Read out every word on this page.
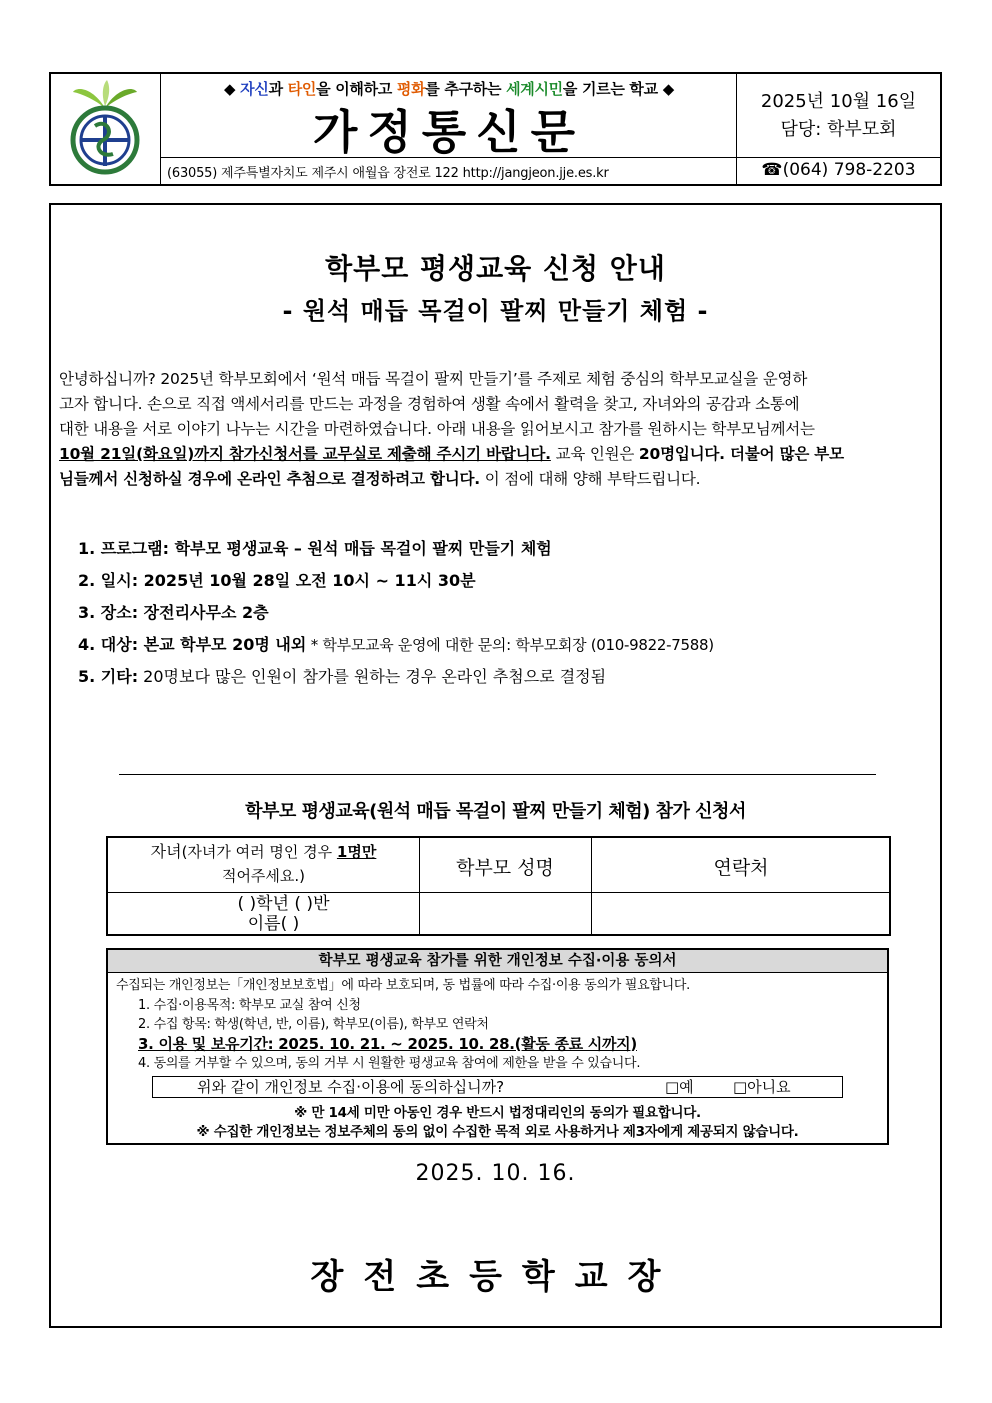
◆ 자신과 타인을 이해하고 평화를 추구하는 세계시민을 기르는 학교 ◆
가정통신문
2025년 10월 16일
담당: 학부모회
(63055) 제주특별자치도 제주시 애월읍 장전로 122 http://jangjeon.jje.es.kr	☎(064) 798-2203
학부모 평생교육 신청 안내
- 원석 매듭 목걸이 팔찌 만들기 체험 -
안녕하십니까? 2025년 학부모회에서 ‘원석 매듭 목걸이 팔찌 만들기’를 주제로 체험 중심의 학부모교실을 운영하
고자 합니다. 손으로 직접 액세서리를 만드는 과정을 경험하여 생활 속에서 활력을 찾고, 자녀와의 공감과 소통에
대한 내용을 서로 이야기 나누는 시간을 마련하였습니다. 아래 내용을 읽어보시고 참가를 원하시는 학부모님께서는
10월 21일(화요일)까지 참가신청서를 교무실로 제출해 주시기 바랍니다. 교육 인원은 20명입니다. 더불어 많은 부모
님들께서 신청하실 경우에 온라인 추첨으로 결정하려고 합니다. 이 점에 대해 양해 부탁드립니다.
1. 프로그램: 학부모 평생교육 – 원석 매듭 목걸이 팔찌 만들기 체험
2. 일시: 2025년 10월 28일 오전 10시 ~ 11시 30분
3. 장소: 장전리사무소 2층
4. 대상: 본교 학부모 20명 내외 * 학부모교육 운영에 대한 문의: 학부모회장 (010-9822-7588)
5. 기타: 20명보다 많은 인원이 참가를 원하는 경우 온라인 추첨으로 결정됨
학부모 평생교육(원석 매듭 목걸이 팔찌 만들기 체험) 참가 신청서
자녀(자녀가 여러 명인 경우 1명만
적어주세요.)	학부모 성명	연락처
( )학년 ( )반
이름( )
학부모 평생교육 참가를 위한 개인정보 수집·이용 동의서
수집되는 개인정보는「개인정보보호법」에 따라 보호되며, 동 법률에 따라 수집·이용 동의가 필요합니다.
1. 수집·이용목적: 학부모 교실 참여 신청
2. 수집 항목: 학생(학년, 반, 이름), 학부모(이름), 학부모 연락처
3. 이용 및 보유기간: 2025. 10. 21. ~ 2025. 10. 28.(활동 종료 시까지)
4. 동의를 거부할 수 있으며, 동의 거부 시 원활한 평생교육 참여에 제한을 받을 수 있습니다.
위와 같이 개인정보 수집·이용에 동의하십니까?	□예	□아니요
※ 만 14세 미만 아동인 경우 반드시 법정대리인의 동의가 필요합니다.
※ 수집한 개인정보는 정보주체의 동의 없이 수집한 목적 외로 사용하거나 제3자에게 제공되지 않습니다.
2025. 10. 16.
장전초등학교장
